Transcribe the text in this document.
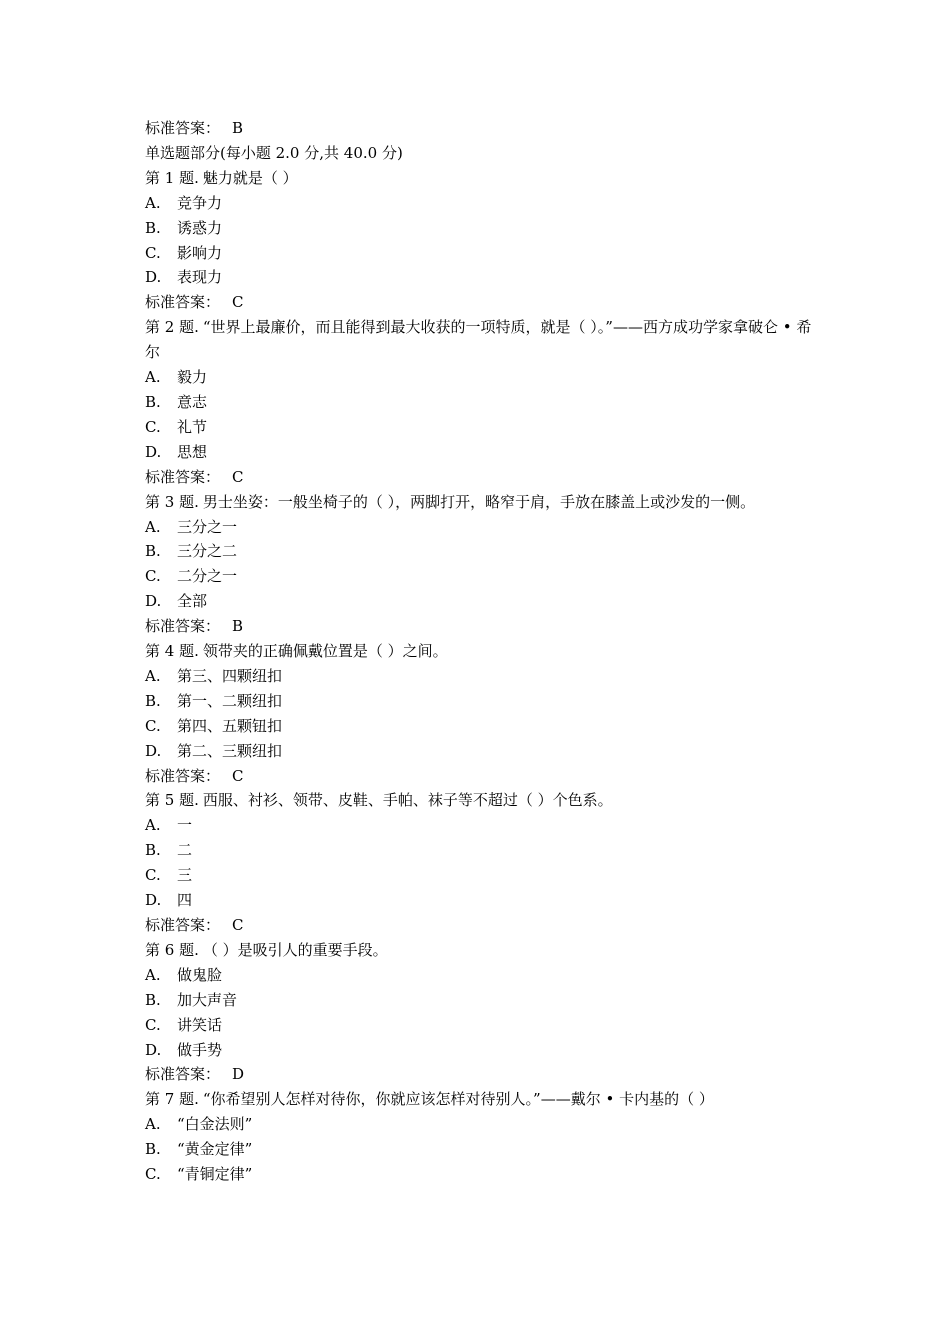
标准答案： B
单选题部分(每小题 2.0 分,共 40.0 分)
第 1 题. 魅力就是（ ）
A. 竞争力
B. 诱惑力
C. 影响力
D. 表现力
标准答案： C
第 2 题. “世界上最廉价，而且能得到最大收获的一项特质，就是（ ）。”——西方成功学家拿破仑 • 希尔
A. 毅力
B. 意志
C. 礼节
D. 思想
标准答案： C
第 3 题. 男士坐姿：一般坐椅子的（ ），两脚打开，略窄于肩，手放在膝盖上或沙发的一侧。
A. 三分之一
B. 三分之二
C. 二分之一
D. 全部
标准答案： B
第 4 题. 领带夹的正确佩戴位置是（ ）之间。
A. 第三、四颗纽扣
B. 第一、二颗纽扣
C. 第四、五颗钮扣
D. 第二、三颗纽扣
标准答案： C
第 5 题. 西服、衬衫、领带、皮鞋、手帕、袜子等不超过（ ）个色系。
A. 一
B. 二
C. 三
D. 四
标准答案： C
第 6 题. （ ）是吸引人的重要手段。
A. 做鬼脸
B. 加大声音
C. 讲笑话
D. 做手势
标准答案： D
第 7 题. “你希望别人怎样对待你，你就应该怎样对待别人。”——戴尔 • 卡内基的（ ）
A. “白金法则”
B. “黄金定律”
C. “青铜定律”
